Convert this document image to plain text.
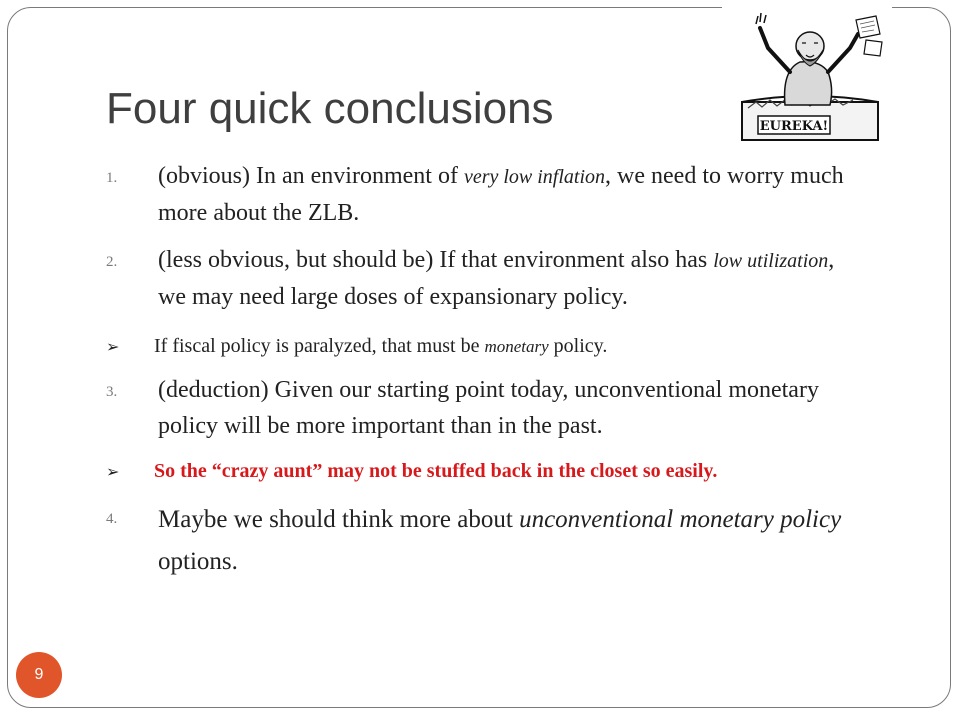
Four quick conclusions	EUREKA!
1. (obvious) In an environment of very low inflation, we need to worry much more about the ZLB.
2. (less obvious, but should be) If that environment also has low utilization, we may need large doses of expansionary policy.
➢ If fiscal policy is paralyzed, that must be monetary policy.
3. (deduction) Given our starting point today, unconventional monetary policy will be more important than in the past.
➢ So the “crazy aunt” may not be stuffed back in the closet so easily.
4. Maybe we should think more about unconventional monetary policy options.
9
